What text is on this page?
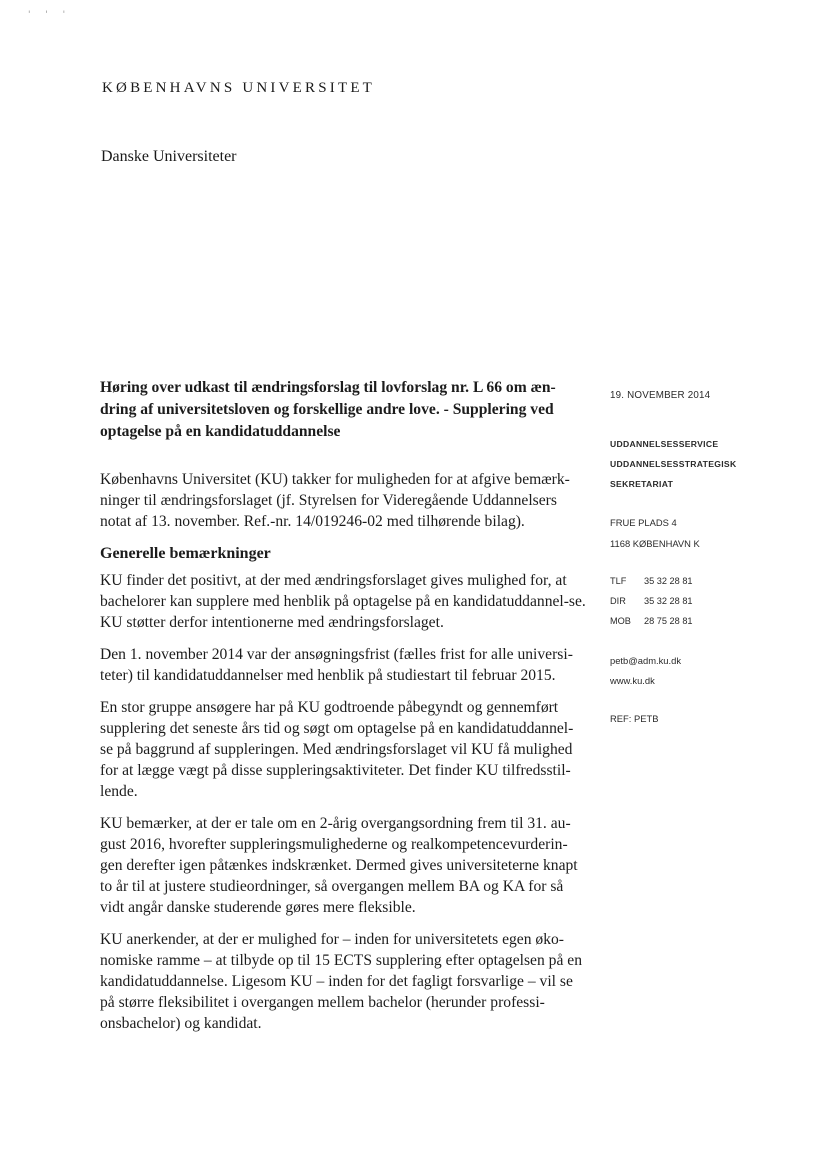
' ' '
KØBENHAVNS UNIVERSITET
Danske Universiteter

Høring over udkast til ændringsforslag til lovforslag nr. L 66 om æn-dring af universitetsloven og forskellige andre love. - Supplering ved optagelse på en kandidatuddannelse

Københavns Universitet (KU) takker for muligheden for at afgive bemærk-ninger til ændringsforslaget (jf. Styrelsen for Videregående Uddannelsers notat af 13. november. Ref.-nr. 14/019246-02 med tilhørende bilag).

Generelle bemærkninger

KU finder det positivt, at der med ændringsforslaget gives mulighed for, at bachelorer kan supplere med henblik på optagelse på en kandidatuddannel-se. KU støtter derfor intentionerne med ændringsforslaget.

Den 1. november 2014 var der ansøgningsfrist (fælles frist for alle universi-teter) til kandidatuddannelser med henblik på studiestart til februar 2015.

En stor gruppe ansøgere har på KU godtroende påbegyndt og gennemført supplering det seneste års tid og søgt om optagelse på en kandidatuddannel-se på baggrund af suppleringen. Med ændringsforslaget vil KU få mulighed for at lægge vægt på disse suppleringsaktiviteter. Det finder KU tilfredsstil-lende.

KU bemærker, at der er tale om en 2-årig overgangsordning frem til 31. au-gust 2016, hvorefter suppleringsmulighederne og realkompetencevurderin-gen derefter igen påtænkes indskrænket. Dermed gives universiteterne knapt to år til at justere studieordninger, så overgangen mellem BA og KA for så vidt angår danske studerende gøres mere fleksible.

KU anerkender, at der er mulighed for – inden for universitetets egen øko-nomiske ramme – at tilbyde op til 15 ECTS supplering efter optagelsen på en kandidatuddannelse. Ligesom KU – inden for det fagligt forsvarlige – vil se på større fleksibilitet i overgangen mellem bachelor (herunder professi-onsbachelor) og kandidat.

19. NOVEMBER 2014
UDDANNELSESSERVICE
UDDANNELSESSTRATEGISK
SEKRETARIAT
FRUE PLADS 4
1168 KØBENHAVN K
TLF 35 32 28 81
DIR 35 32 28 81
MOB 28 75 28 81
petb@adm.ku.dk
www.ku.dk
REF: PETB
